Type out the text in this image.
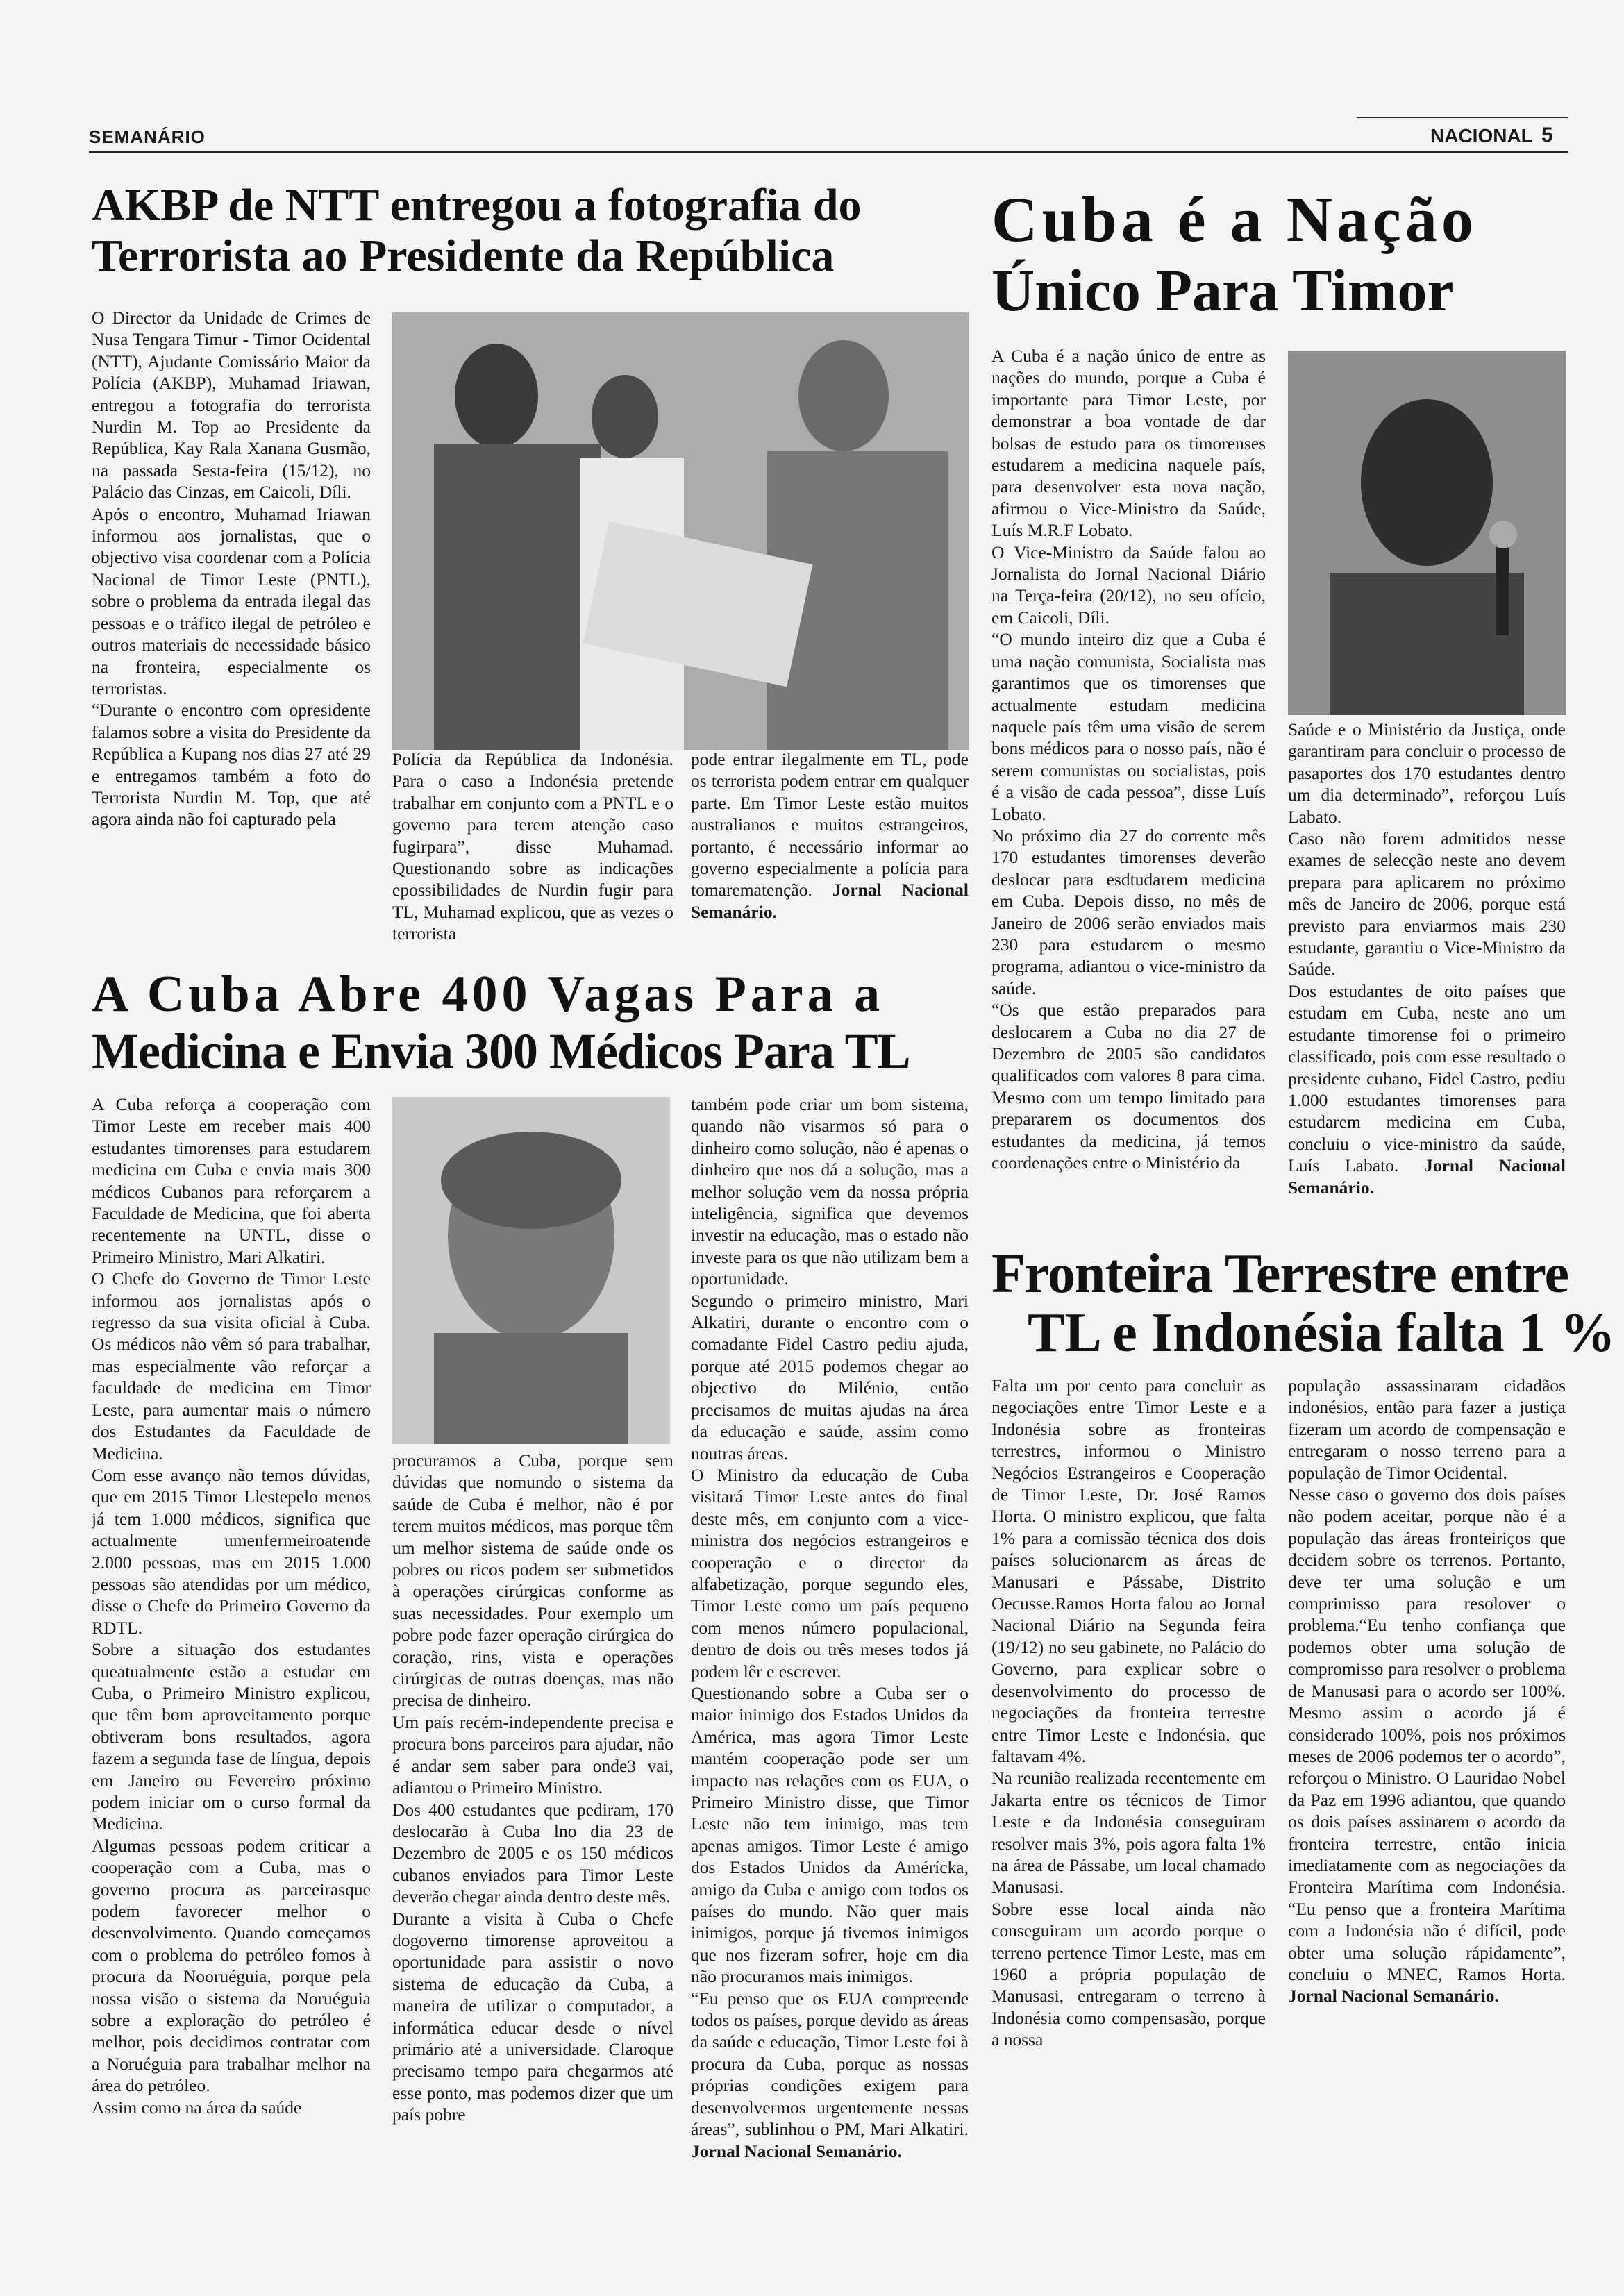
SEMANÁRIO	NACIONAL 5
AKBP de NTT entregou a fotografia do
Terrorista ao Presidente da República
O Director da Unidade de Crimes de Nusa Tengara Timur - Timor Ocidental (NTT), Ajudante Comissário Maior da Polícia (AKBP), Muhamad Iriawan, entregou a fotografia do terrorista Nurdin M. Top ao Presidente da República, Kay Rala Xanana Gusmão, na passada Sesta-feira (15/12), no Palácio das Cinzas, em Caicoli, Díli.
Após o encontro, Muhamad Iriawan informou aos jornalistas, que o objectivo visa coordenar com a Polícia Nacional de Timor Leste (PNTL), sobre o problema da entrada ilegal das pessoas e o tráfico ilegal de petróleo e outros materiais de necessidade básico na fronteira, especialmente os terroristas.
“Durante o encontro com opresidente falamos sobre a visita do Presidente da República a Kupang nos dias 27 até 29 e entregamos também a foto do Terrorista Nurdin M. Top, que até agora ainda não foi capturado pela
Polícia da República da Indonésia. Para o caso a Indonésia pretende trabalhar em conjunto com a PNTL e o governo para terem atenção caso fugirpara”, disse Muhamad. Questionando sobre as indicações epossibilidades de Nurdin fugir para TL, Muhamad explicou, que as vezes o terrorista
pode entrar ilegalmente em TL, pode os terrorista podem entrar em qualquer parte. Em Timor Leste estão muitos australianos e muitos estrangeiros, portanto, é necessário informar ao governo especialmente a polícia para tomarematenção. Jornal Nacional Semanário.
A Cuba Abre 400 Vagas Para a
Medicina e Envia 300 Médicos Para TL
A Cuba reforça a cooperação com Timor Leste em receber mais 400 estudantes timorenses para estudarem medicina em Cuba e envia mais 300 médicos Cubanos para reforçarem a Faculdade de Medicina, que foi aberta recentemente na UNTL, disse o Primeiro Ministro, Mari Alkatiri.
O Chefe do Governo de Timor Leste informou aos jornalistas após o regresso da sua visita oficial à Cuba. Os médicos não vêm só para trabalhar, mas especialmente vão reforçar a faculdade de medicina em Timor Leste, para aumentar mais o número dos Estudantes da Faculdade de Medicina.
Com esse avanço não temos dúvidas, que em 2015 Timor Llestepelo menos já tem 1.000 médicos, significa que actualmente umenfermeiroatende 2.000 pessoas, mas em 2015 1.000 pessoas são atendidas por um médico, disse o Chefe do Primeiro Governo da RDTL.
Sobre a situação dos estudantes queatualmente estão a estudar em Cuba, o Primeiro Ministro explicou, que têm bom aproveitamento porque obtiveram bons resultados, agora fazem a segunda fase de língua, depois em Janeiro ou Fevereiro próximo podem iniciar om o curso formal da Medicina.
Algumas pessoas podem criticar a cooperação com a Cuba, mas o governo procura as parceirasque podem favorecer melhor o desenvolvimento. Quando começamos com o problema do petróleo fomos à procura da Nooruéguia, porque pela nossa visão o sistema da Noruéguia sobre a exploração do petróleo é melhor, pois decidimos contratar com a Noruéguia para trabalhar melhor na área do petróleo.
Assim como na área da saúde
procuramos a Cuba, porque sem dúvidas que nomundo o sistema da saúde de Cuba é melhor, não é por terem muitos médicos, mas porque têm um melhor sistema de saúde onde os pobres ou ricos podem ser submetidos à operações cirúrgicas conforme as suas necessidades. Pour exemplo um pobre pode fazer operação cirúrgica do coração, rins, vista e operações cirúrgicas de outras doenças, mas não precisa de dinheiro.
Um país recém-independente precisa e procura bons parceiros para ajudar, não é andar sem saber para onde3 vai, adiantou o Primeiro Ministro.
Dos 400 estudantes que pediram, 170 deslocarão à Cuba lno dia 23 de Dezembro de 2005 e os 150 médicos cubanos enviados para Timor Leste deverão chegar ainda dentro deste mês.
Durante a visita à Cuba o Chefe dogoverno timorense aproveitou a oportunidade para assistir o novo sistema de educação da Cuba, a maneira de utilizar o computador, a informática educar desde o nível primário até a universidade. Claroque precisamo tempo para chegarmos até esse ponto, mas podemos dizer que um país pobre
também pode criar um bom sistema, quando não visarmos só para o dinheiro como solução, não é apenas o dinheiro que nos dá a solução, mas a melhor solução vem da nossa própria inteligência, significa que devemos investir na educação, mas o estado não investe para os que não utilizam bem a oportunidade.
Segundo o primeiro ministro, Mari Alkatiri, durante o encontro com o comadante Fidel Castro pediu ajuda, porque até 2015 podemos chegar ao objectivo do Milénio, então precisamos de muitas ajudas na área da educação e saúde, assim como noutras áreas.
O Ministro da educação de Cuba visitará Timor Leste antes do final deste mês, em conjunto com a vice-ministra dos negócios estrangeiros e cooperação e o director da alfabetização, porque segundo eles, Timor Leste como um país pequeno com menos número populacional, dentro de dois ou três meses todos já podem lêr e escrever.
Questionando sobre a Cuba ser o maior inimigo dos Estados Unidos da América, mas agora Timor Leste mantém cooperação pode ser um impacto nas relações com os EUA, o Primeiro Ministro disse, que Timor Leste não tem inimigo, mas tem apenas amigos. Timor Leste é amigo dos Estados Unidos da Amérícka, amigo da Cuba e amigo com todos os países do mundo. Não quer mais inimigos, porque já tivemos inimigos que nos fizeram sofrer, hoje em dia não procuramos mais inimigos.
“Eu penso que os EUA compreende todos os países, porque devido as áreas da saúde e educação, Timor Leste foi à procura da Cuba, porque as nossas próprias condições exigem para desenvolvermos urgentemente nessas áreas”, sublinhou o PM, Mari Alkatiri. Jornal Nacional Semanário.
Cuba é a Nação
Único Para Timor
A Cuba é a nação único de entre as nações do mundo, porque a Cuba é importante para Timor Leste, por demonstrar a boa vontade de dar bolsas de estudo para os timorenses estudarem a medicina naquele país, para desenvolver esta nova nação, afirmou o Vice-Ministro da Saúde, Luís M.R.F Lobato.
O Vice-Ministro da Saúde falou ao Jornalista do Jornal Nacional Diário na Terça-feira (20/12), no seu ofício, em Caicoli, Díli.
“O mundo inteiro diz que a Cuba é uma nação comunista, Socialista mas garantimos que os timorenses que actualmente estudam medicina naquele país têm uma visão de serem bons médicos para o nosso país, não é serem comunistas ou socialistas, pois é a visão de cada pessoa”, disse Luís Lobato.
No próximo dia 27 do corrente mês 170 estudantes timorenses deverão deslocar para esdtudarem medicina em Cuba. Depois disso, no mês de Janeiro de 2006 serão enviados mais 230 para estudarem o mesmo programa, adiantou o vice-ministro da saúde.
“Os que estão preparados para deslocarem a Cuba no dia 27 de Dezembro de 2005 são candidatos qualificados com valores 8 para cima. Mesmo com um tempo limitado para prepararem os documentos dos estudantes da medicina, já temos coordenações entre o Ministério da
Saúde e o Ministério da Justiça, onde garantiram para concluir o processo de pasaportes dos 170 estudantes dentro um dia determinado”, reforçou Luís Labato.
Caso não forem admitidos nesse exames de selecção neste ano devem prepara para aplicarem no próximo mês de Janeiro de 2006, porque está previsto para enviarmos mais 230 estudante, garantiu o Vice-Ministro da Saúde.
Dos estudantes de oito países que estudam em Cuba, neste ano um estudante timorense foi o primeiro classificado, pois com esse resultado o presidente cubano, Fidel Castro, pediu 1.000 estudantes timorenses para estudarem medicina em Cuba, concluiu o vice-ministro da saúde, Luís Labato. Jornal Nacional Semanário.
Fronteira Terrestre entre
TL e Indonésia falta 1 %
Falta um por cento para concluir as negociações entre Timor Leste e a Indonésia sobre as fronteiras terrestres, informou o Ministro Negócios Estrangeiros e Cooperação de Timor Leste, Dr. José Ramos Horta. O ministro explicou, que falta 1% para a comissão técnica dos dois países solucionarem as áreas de Manusari e Pássabe, Distrito Oecusse.Ramos Horta falou ao Jornal Nacional Diário na Segunda feira (19/12) no seu gabinete, no Palácio do Governo, para explicar sobre o desenvolvimento do processo de negociações da fronteira terrestre entre Timor Leste e Indonésia, que faltavam 4%.
Na reunião realizada recentemente em Jakarta entre os técnicos de Timor Leste e da Indonésia conseguiram resolver mais 3%, pois agora falta 1% na área de Pássabe, um local chamado Manusasi.
Sobre esse local ainda não conseguiram um acordo porque o terreno pertence Timor Leste, mas em 1960 a própria população de Manusasi, entregaram o terreno à Indonésia como compensasão, porque a nossa
população assassinaram cidadãos indonésios, então para fazer a justiça fizeram um acordo de compensação e entregaram o nosso terreno para a população de Timor Ocidental.
Nesse caso o governo dos dois países não podem aceitar, porque não é a população das áreas fronteiriços que decidem sobre os terrenos. Portanto, deve ter uma solução e um comprimisso para resolover o problema.“Eu tenho confiança que podemos obter uma solução de compromisso para resolver o problema de Manusasi para o acordo ser 100%. Mesmo assim o acordo já é considerado 100%, pois nos próximos meses de 2006 podemos ter o acordo”, reforçou o Ministro. O Lauridao Nobel da Paz em 1996 adiantou, que quando os dois países assinarem o acordo da fronteira terrestre, então inicia imediatamente com as negociações da Fronteira Marítima com Indonésia. “Eu penso que a fronteira Marítima com a Indonésia não é difícil, pode obter uma solução rápidamente”, concluiu o MNEC, Ramos Horta. Jornal Nacional Semanário.
